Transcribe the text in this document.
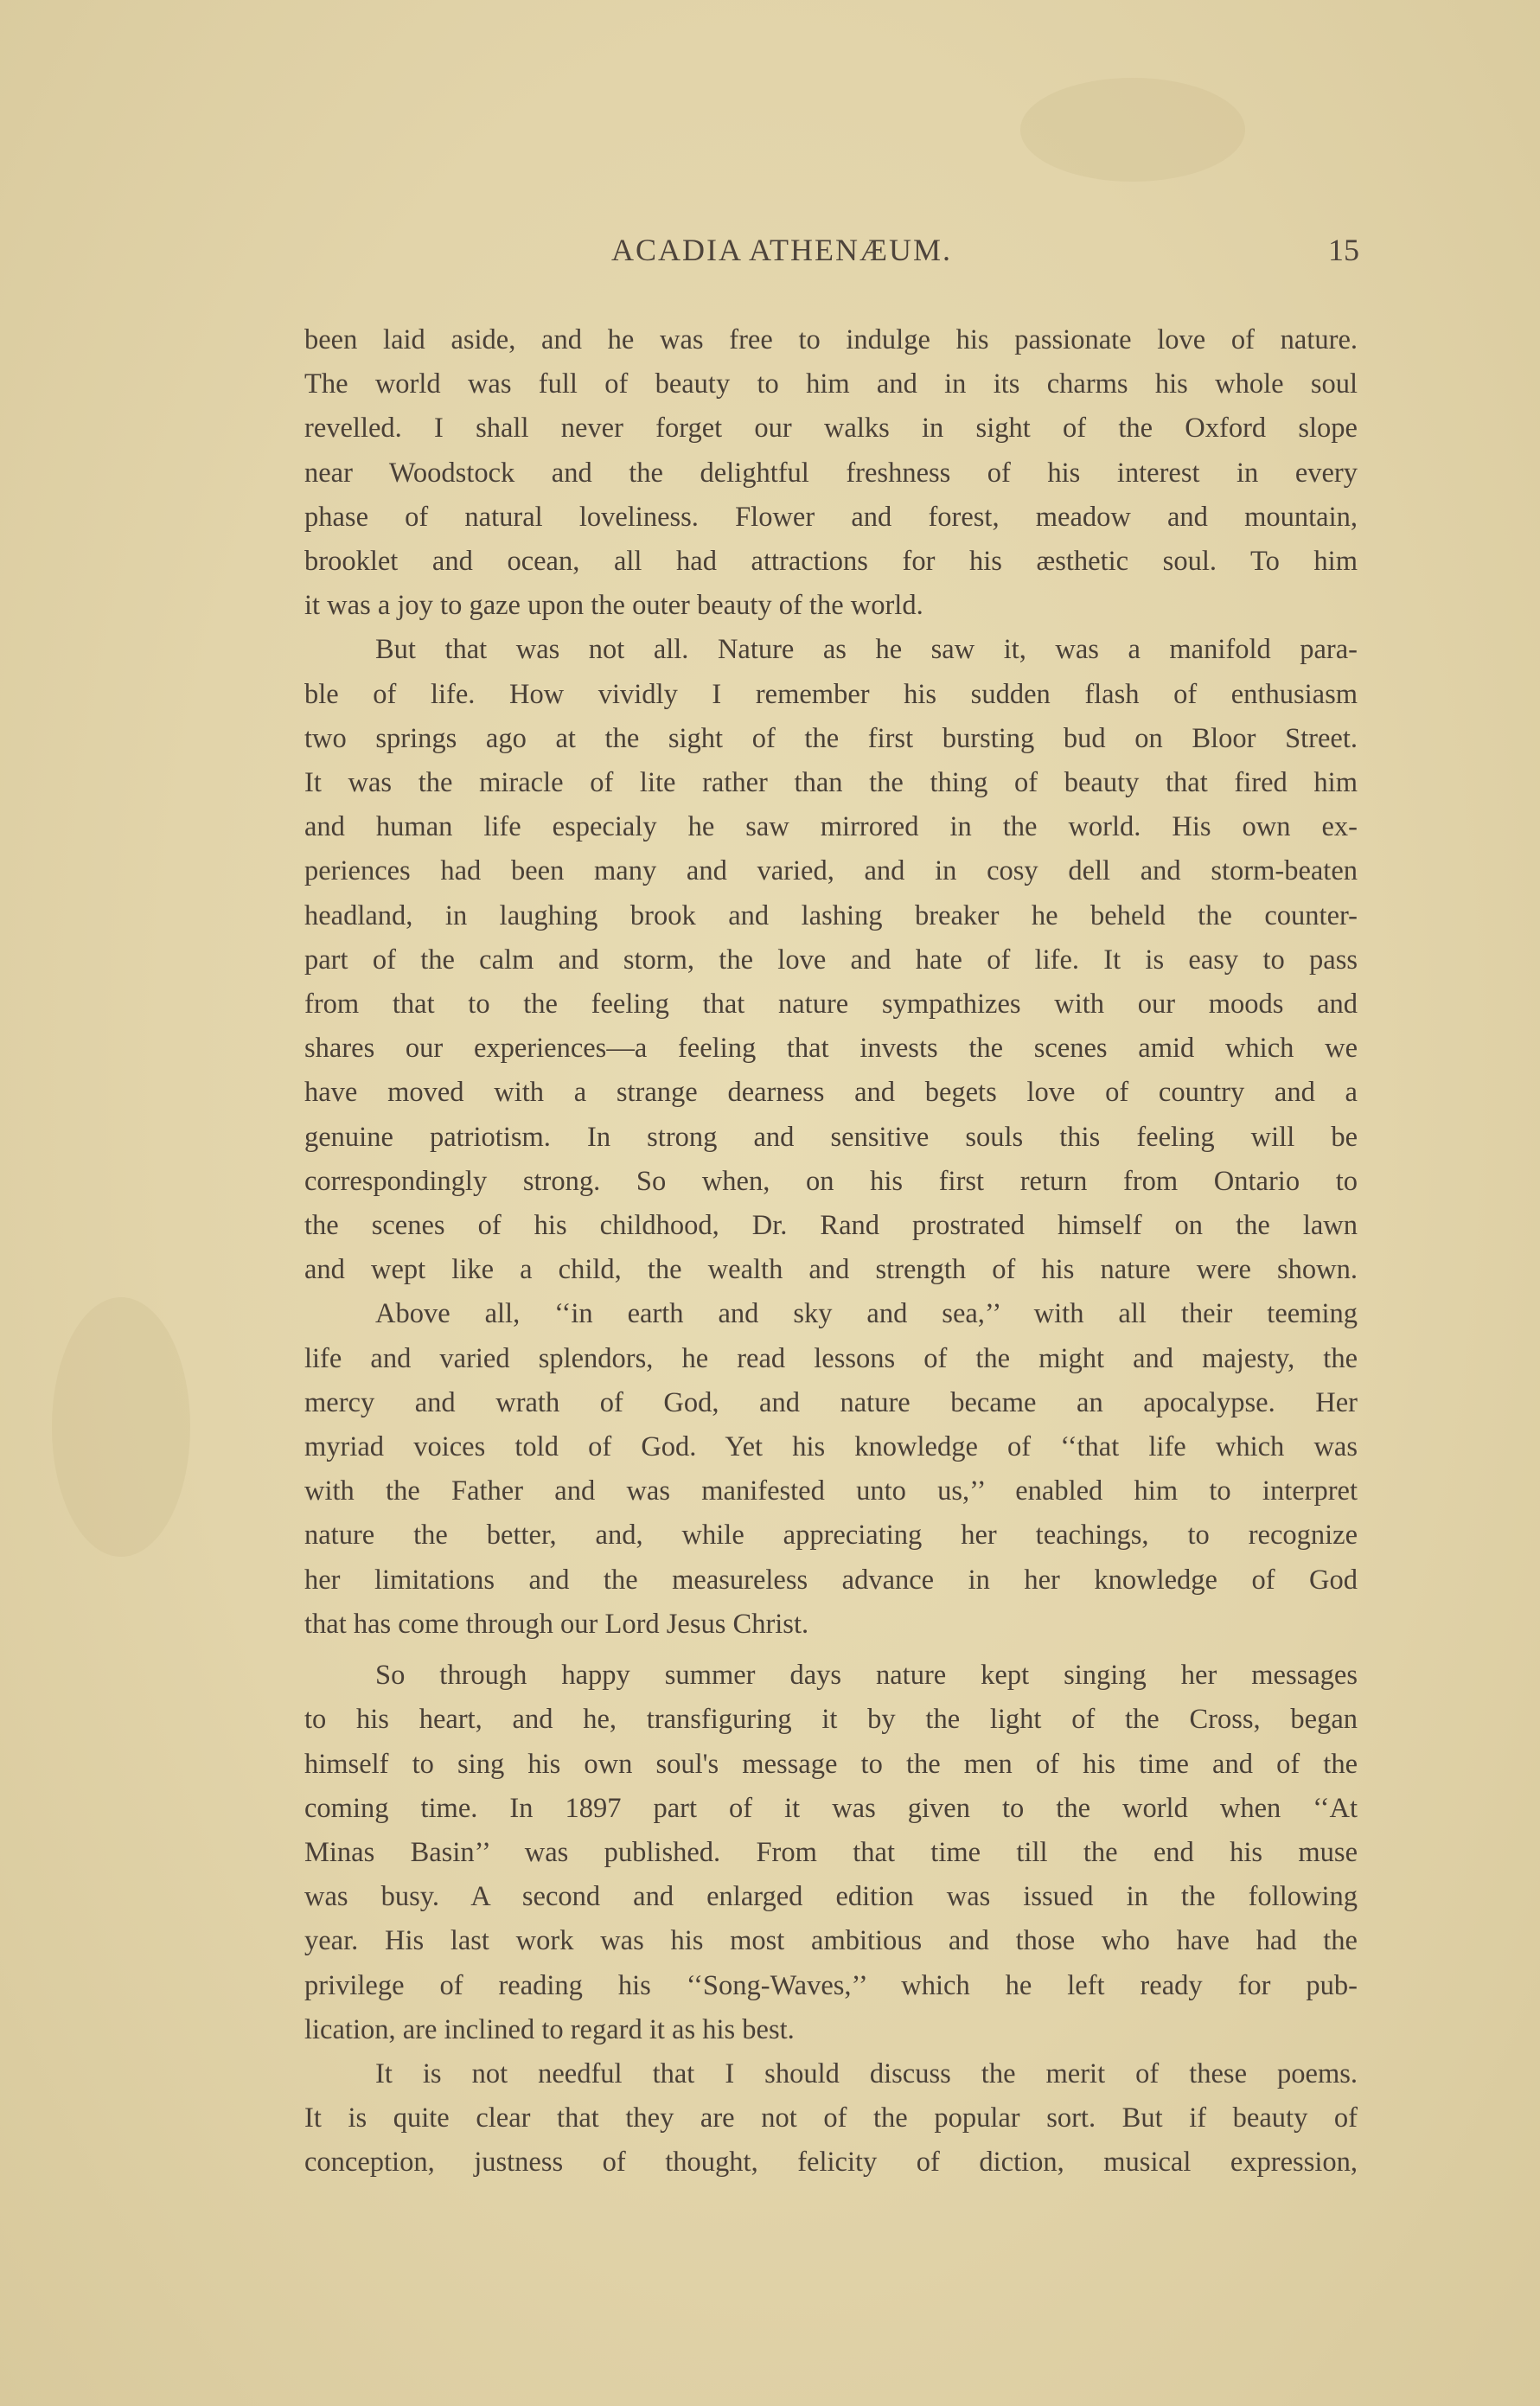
ACADIA ATHENÆUM.	15

been laid aside, and he was free to indulge his passionate love of nature.
The world was full of beauty to him and in its charms his whole soul
revelled. I shall never forget our walks in sight of the Oxford slope
near Woodstock and the delightful freshness of his interest in every
phase of natural loveliness. Flower and forest, meadow and mountain,
brooklet and ocean, all had attractions for his æsthetic soul. To him
it was a joy to gaze upon the outer beauty of the world.

But that was not all. Nature as he saw it, was a manifold para-
ble of life. How vividly I remember his sudden flash of enthusiasm
two springs ago at the sight of the first bursting bud on Bloor Street.
It was the miracle of lite rather than the thing of beauty that fired him
and human life especialy he saw mirrored in the world. His own ex-
periences had been many and varied, and in cosy dell and storm-beaten
headland, in laughing brook and lashing breaker he beheld the counter-
part of the calm and storm, the love and hate of life. It is easy to pass
from that to the feeling that nature sympathizes with our moods and
shares our experiences—a feeling that invests the scenes amid which we
have moved with a strange dearness and begets love of country and a
genuine patriotism. In strong and sensitive souls this feeling will be
correspondingly strong. So when, on his first return from Ontario to
the scenes of his childhood, Dr. Rand prostrated himself on the lawn
and wept like a child, the wealth and strength of his nature were shown.

Above all, ‘‘in earth and sky and sea,’’ with all their teeming
life and varied splendors, he read lessons of the might and majesty, the
mercy and wrath of God, and nature became an apocalypse. Her
myriad voices told of God. Yet his knowledge of ‘‘that life which was
with the Father and was manifested unto us,’’ enabled him to interpret
nature the better, and, while appreciating her teachings, to recognize
her limitations and the measureless advance in her knowledge of God
that has come through our Lord Jesus Christ.

So through happy summer days nature kept singing her messages
to his heart, and he, transfiguring it by the light of the Cross, began
himself to sing his own soul's message to the men of his time and of the
coming time. In 1897 part of it was given to the world when ‘‘At
Minas Basin’’ was published. From that time till the end his muse
was busy. A second and enlarged edition was issued in the following
year. His last work was his most ambitious and those who have had the
privilege of reading his ‘‘Song-Waves,’’ which he left ready for pub-
lication, are inclined to regard it as his best.

It is not needful that I should discuss the merit of these poems.
It is quite clear that they are not of the popular sort. But if beauty of
conception, justness of thought, felicity of diction, musical expression,
